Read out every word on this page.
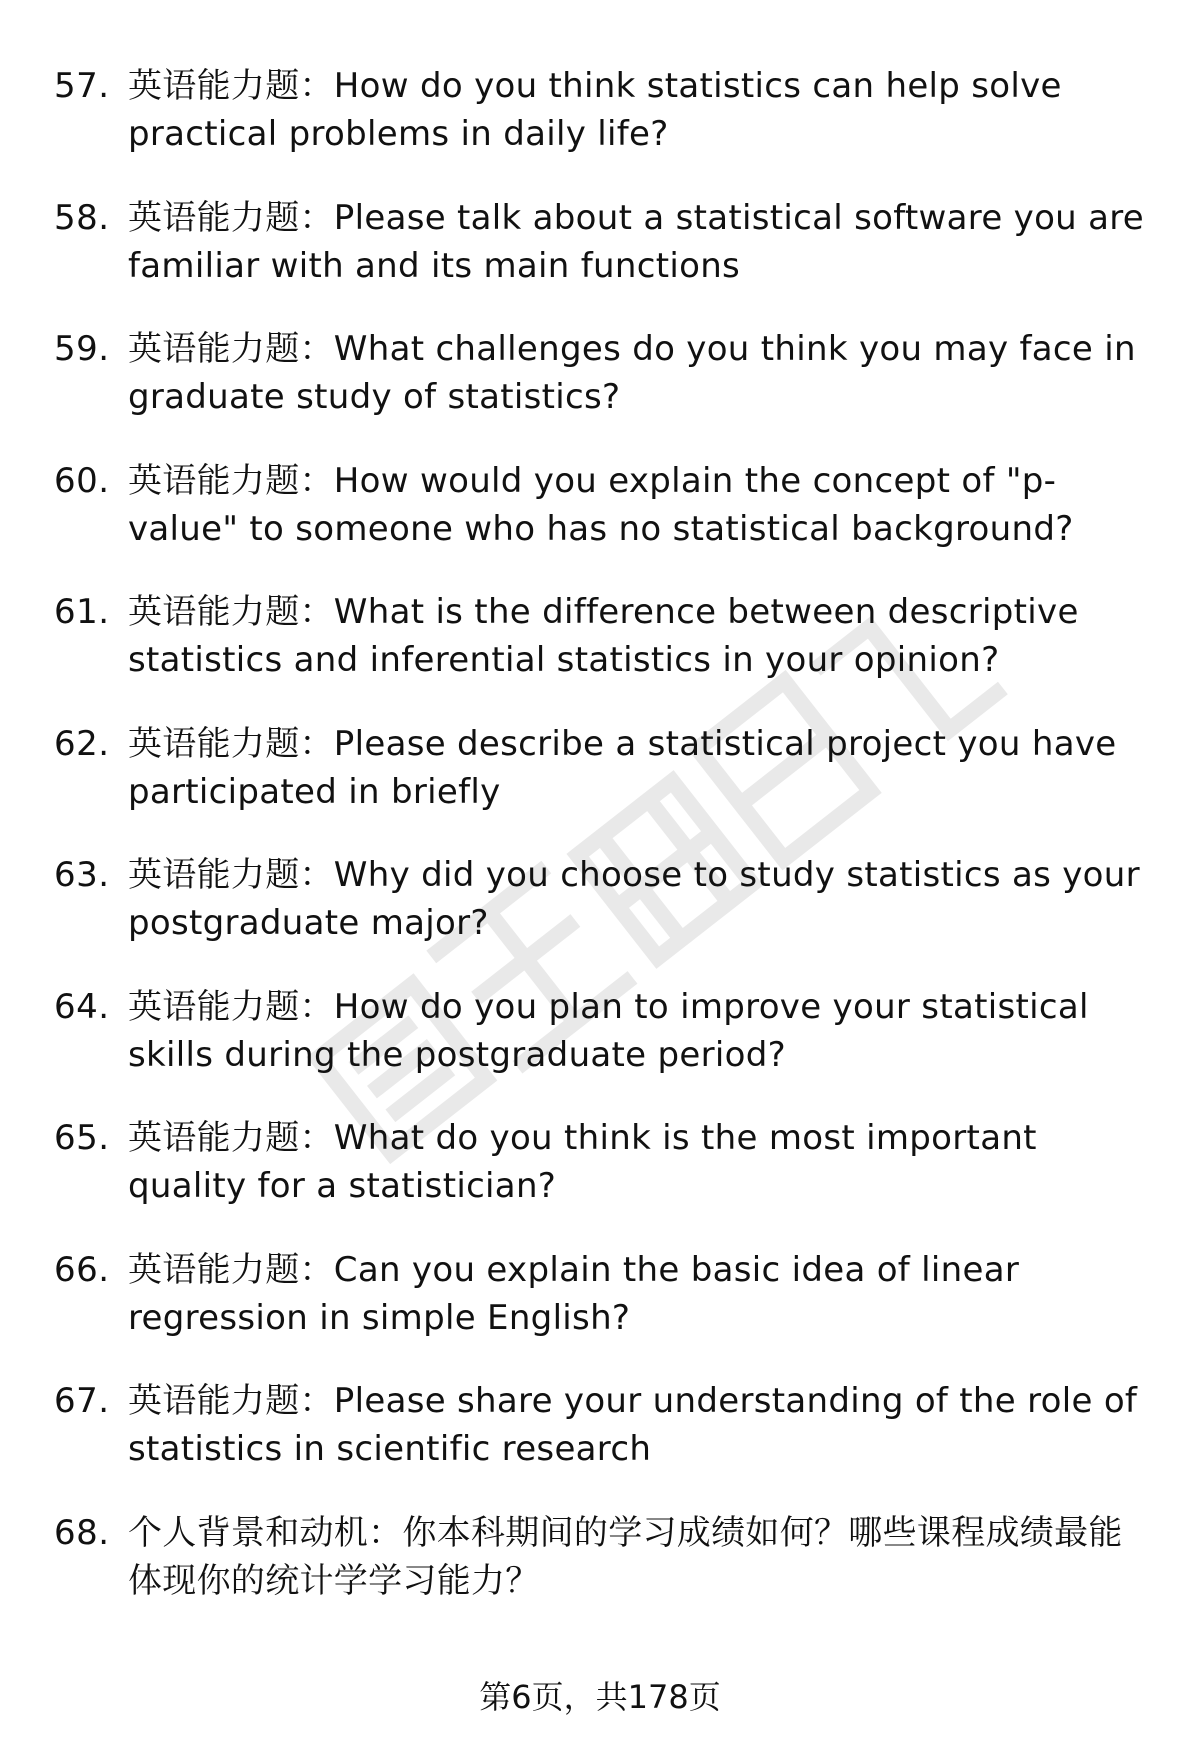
57. 英语能力题：How do you think statistics can help solve practical problems in daily life?
58. 英语能力题：Please talk about a statistical software you are familiar with and its main functions
59. 英语能力题：What challenges do you think you may face in graduate study of statistics?
60. 英语能力题：How would you explain the concept of "p-value" to someone who has no statistical background?
61. 英语能力题：What is the difference between descriptive statistics and inferential statistics in your opinion?
62. 英语能力题：Please describe a statistical project you have participated in briefly
63. 英语能力题：Why did you choose to study statistics as your postgraduate major?
64. 英语能力题：How do you plan to improve your statistical skills during the postgraduate period?
65. 英语能力题：What do you think is the most important quality for a statistician?
66. 英语能力题：Can you explain the basic idea of linear regression in simple English?
67. 英语能力题：Please share your understanding of the role of statistics in scientific research
68. 个人背景和动机：你本科期间的学习成绩如何？哪些课程成绩最能体现你的统计学学习能力？
第6页，共178页
